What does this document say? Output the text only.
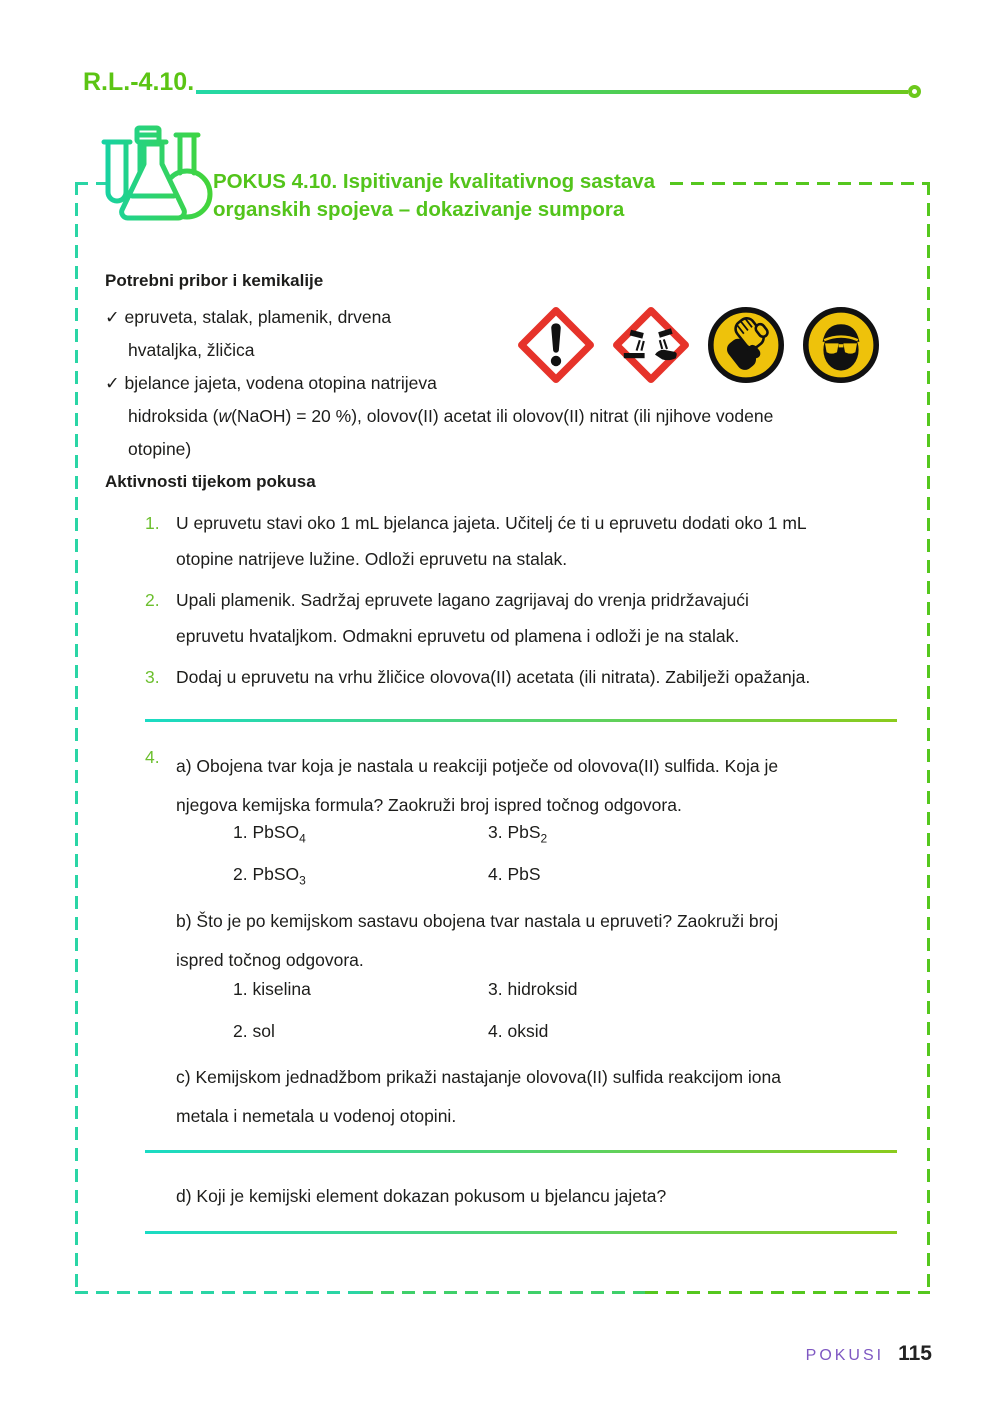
R.L.-4.10.
POKUS 4.10. Ispitivanje kvalitativnog sastava
organskih spojeva – dokazivanje sumpora
Potrebni pribor i kemikalije
✓ epruveta, stalak, plamenik, drvena
hvataljka, žličica
✓ bjelance jajeta, vodena otopina natrijeva
hidroksida (w(NaOH) = 20 %), olovov(II) acetat ili olovov(II) nitrat (ili njihove vodene
otopine)
Aktivnosti tijekom pokusa
1. U epruvetu stavi oko 1 mL bjelanca jajeta. Učitelj će ti u epruvetu dodati oko 1 mL
otopine natrijeve lužine. Odloži epruvetu na stalak.
2. Upali plamenik. Sadržaj epruvete lagano zagrijavaj do vrenja pridržavajući
epruvetu hvataljkom. Odmakni epruvetu od plamena i odloži je na stalak.
3. Dodaj u epruvetu na vrhu žličice olovova(II) acetata (ili nitrata). Zabilježi opažanja.
4. a) Obojena tvar koja je nastala u reakciji potječe od olovova(II) sulfida. Koja je
njegova kemijska formula? Zaokruži broj ispred točnog odgovora.
1. PbSO$_4$	3. PbS$_2$
2. PbSO$_3$	4. PbS
b) Što je po kemijskom sastavu obojena tvar nastala u epruveti? Zaokruži broj
ispred točnog odgovora.
1. kiselina	3. hidroksid
2. sol	4. oksid
c) Kemijskom jednadžbom prikaži nastajanje olovova(II) sulfida reakcijom iona
metala i nemetala u vodenoj otopini.
d) Koji je kemijski element dokazan pokusom u bjelancu jajeta?
POKUSI 115
